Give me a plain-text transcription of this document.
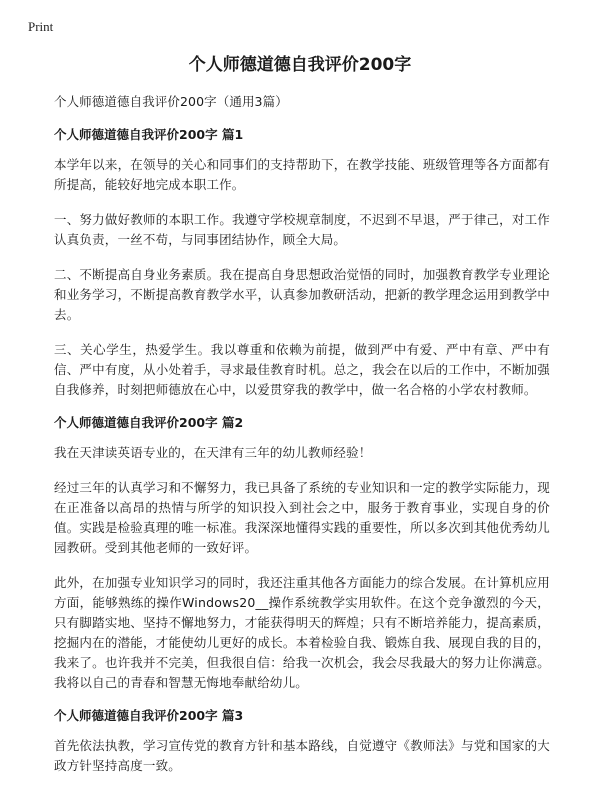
Print
个人师德道德自我评价200字
个人师德道德自我评价200字（通用3篇）
个人师德道德自我评价200字 篇1

本学年以来，在领导的关心和同事们的支持帮助下，在教学技能、班级管理等各方面都有所提高，能较好地完成本职工作。

一、努力做好教师的本职工作。我遵守学校规章制度，不迟到不早退，严于律己，对工作认真负责，一丝不苟，与同事团结协作，顾全大局。

二、不断提高自身业务素质。我在提高自身思想政治觉悟的同时，加强教育教学专业理论和业务学习，不断提高教育教学水平，认真参加教研活动，把新的教学理念运用到教学中去。

三、关心学生，热爱学生。我以尊重和依赖为前提，做到严中有爱、严中有章、严中有信、严中有度，从小处着手，寻求最佳教育时机。总之，我会在以后的工作中，不断加强自我修养，时刻把师德放在心中，以爱贯穿我的教学中，做一名合格的小学农村教师。

个人师德道德自我评价200字 篇2

我在天津读英语专业的，在天津有三年的幼儿教师经验！

经过三年的认真学习和不懈努力，我已具备了系统的专业知识和一定的教学实际能力，现在正准备以高昂的热情与所学的知识投入到社会之中，服务于教育事业，实现自身的价值。实践是检验真理的唯一标准。我深深地懂得实践的重要性，所以多次到其他优秀幼儿园教研。受到其他老师的一致好评。

此外，在加强专业知识学习的同时，我还注重其他各方面能力的综合发展。在计算机应用方面，能够熟练的操作Windows20__操作系统教学实用软件。在这个竞争激烈的今天，只有脚踏实地、坚持不懈地努力，才能获得明天的辉煌；只有不断培养能力，提高素质，挖掘内在的潜能，才能使幼儿更好的成长。本着检验自我、锻炼自我、展现自我的目的，我来了。也许我并不完美，但我很自信：给我一次机会，我会尽我最大的努力让你满意。我将以自己的青春和智慧无悔地奉献给幼儿。

个人师德道德自我评价200字 篇3

首先依法执教，学习宣传党的教育方针和基本路线，自觉遵守《教师法》与党和国家的大政方针坚持高度一致。
